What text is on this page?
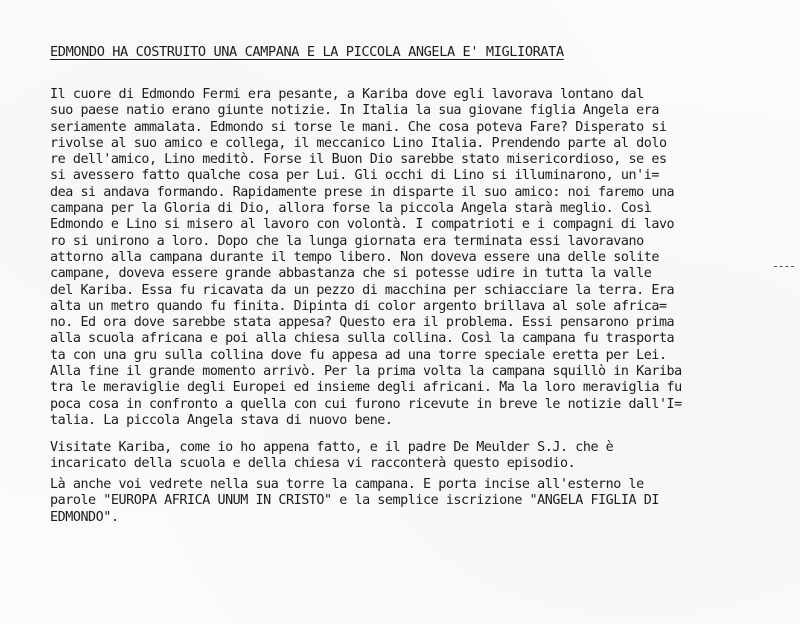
EDMONDO HA COSTRUITO UNA CAMPANA E LA PICCOLA ANGELA E' MIGLIORATA
Il cuore di Edmondo Fermi era pesante, a Kariba dove egli lavorava lontano dal
suo paese natio erano giunte notizie. In Italia la sua giovane figlia Angela era
seriamente ammalata. Edmondo si torse le mani. Che cosa poteva Fare? Disperato si
rivolse al suo amico e collega, il meccanico Lino Italia. Prendendo parte al dolo
re dell'amico, Lino meditò. Forse il Buon Dio sarebbe stato misericordioso, se es
si avessero fatto qualche cosa per Lui. Gli occhi di Lino si illuminarono, un'i=
dea si andava formando. Rapidamente prese in disparte il suo amico: noi faremo una
campana per la Gloria di Dio, allora forse la piccola Angela starà meglio. Così
Edmondo e Lino si misero al lavoro con volontà. I compatrioti e i compagni di lavo
ro si unirono a loro. Dopo che la lunga giornata era terminata essi lavoravano
attorno alla campana durante il tempo libero. Non doveva essere una delle solite
campane, doveva essere grande abbastanza che si potesse udire in tutta la valle
del Kariba. Essa fu ricavata da un pezzo di macchina per schiacciare la terra. Era
alta un metro quando fu finita. Dipinta di color argento brillava al sole africa=
no. Ed ora dove sarebbe stata appesa? Questo era il problema. Essi pensarono prima
alla scuola africana e poi alla chiesa sulla collina. Così la campana fu trasporta
ta con una gru sulla collina dove fu appesa ad una torre speciale eretta per Lei.
Alla fine il grande momento arrivò. Per la prima volta la campana squillò in Kariba
tra le meraviglie degli Europei ed insieme degli africani. Ma la loro meraviglia fu
poca cosa in confronto a quella con cui furono ricevute in breve le notizie dall'I=
talia. La piccola Angela stava di nuovo bene.
Visitate Kariba, come io ho appena fatto, e il padre De Meulder S.J. che è
incaricato della scuola e della chiesa vi racconterà questo episodio.
Là anche voi vedrete nella sua torre la campana. E porta incise all'esterno le
parole "EUROPA AFRICA UNUM IN CRISTO" e la semplice iscrizione "ANGELA FIGLIA DI
EDMONDO".
